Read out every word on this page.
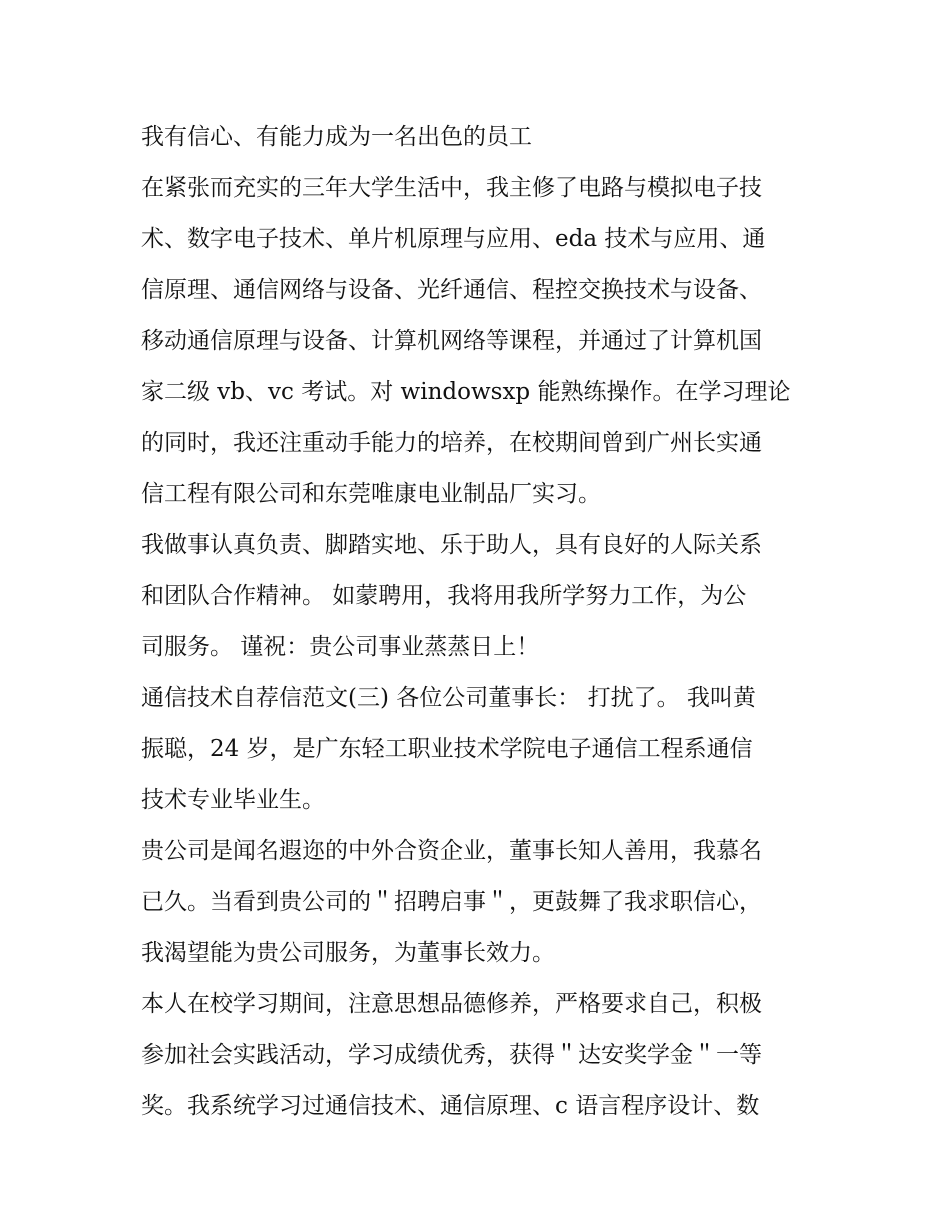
我有信心、有能力成为一名出色的员工

在紧张而充实的三年大学生活中，我主修了电路与模拟电子技
术、数字电子技术、单片机原理与应用、eda 技术与应用、通
信原理、通信网络与设备、光纤通信、程控交换技术与设备、
移动通信原理与设备、计算机网络等课程，并通过了计算机国
家二级 vb、vc 考试。对 windowsxp 能熟练操作。在学习理论
的同时，我还注重动手能力的培养，在校期间曾到广州长实通
信工程有限公司和东莞唯康电业制品厂实习。

我做事认真负责、脚踏实地、乐于助人，具有良好的人际关系
和团队合作精神。 如蒙聘用，我将用我所学努力工作，为公
司服务。 谨祝：贵公司事业蒸蒸日上！

通信技术自荐信范文(三) 各位公司董事长： 打扰了。 我叫黄
振聪，24 岁，是广东轻工职业技术学院电子通信工程系通信
技术专业毕业生。

贵公司是闻名遐迩的中外合资企业，董事长知人善用，我慕名
已久。当看到贵公司的＂招聘启事＂，更鼓舞了我求职信心，
我渴望能为贵公司服务，为董事长效力。

本人在校学习期间，注意思想品德修养，严格要求自己，积极
参加社会实践活动，学习成绩优秀，获得＂达安奖学金＂一等
奖。我系统学习过通信技术、通信原理、c 语言程序设计、数
